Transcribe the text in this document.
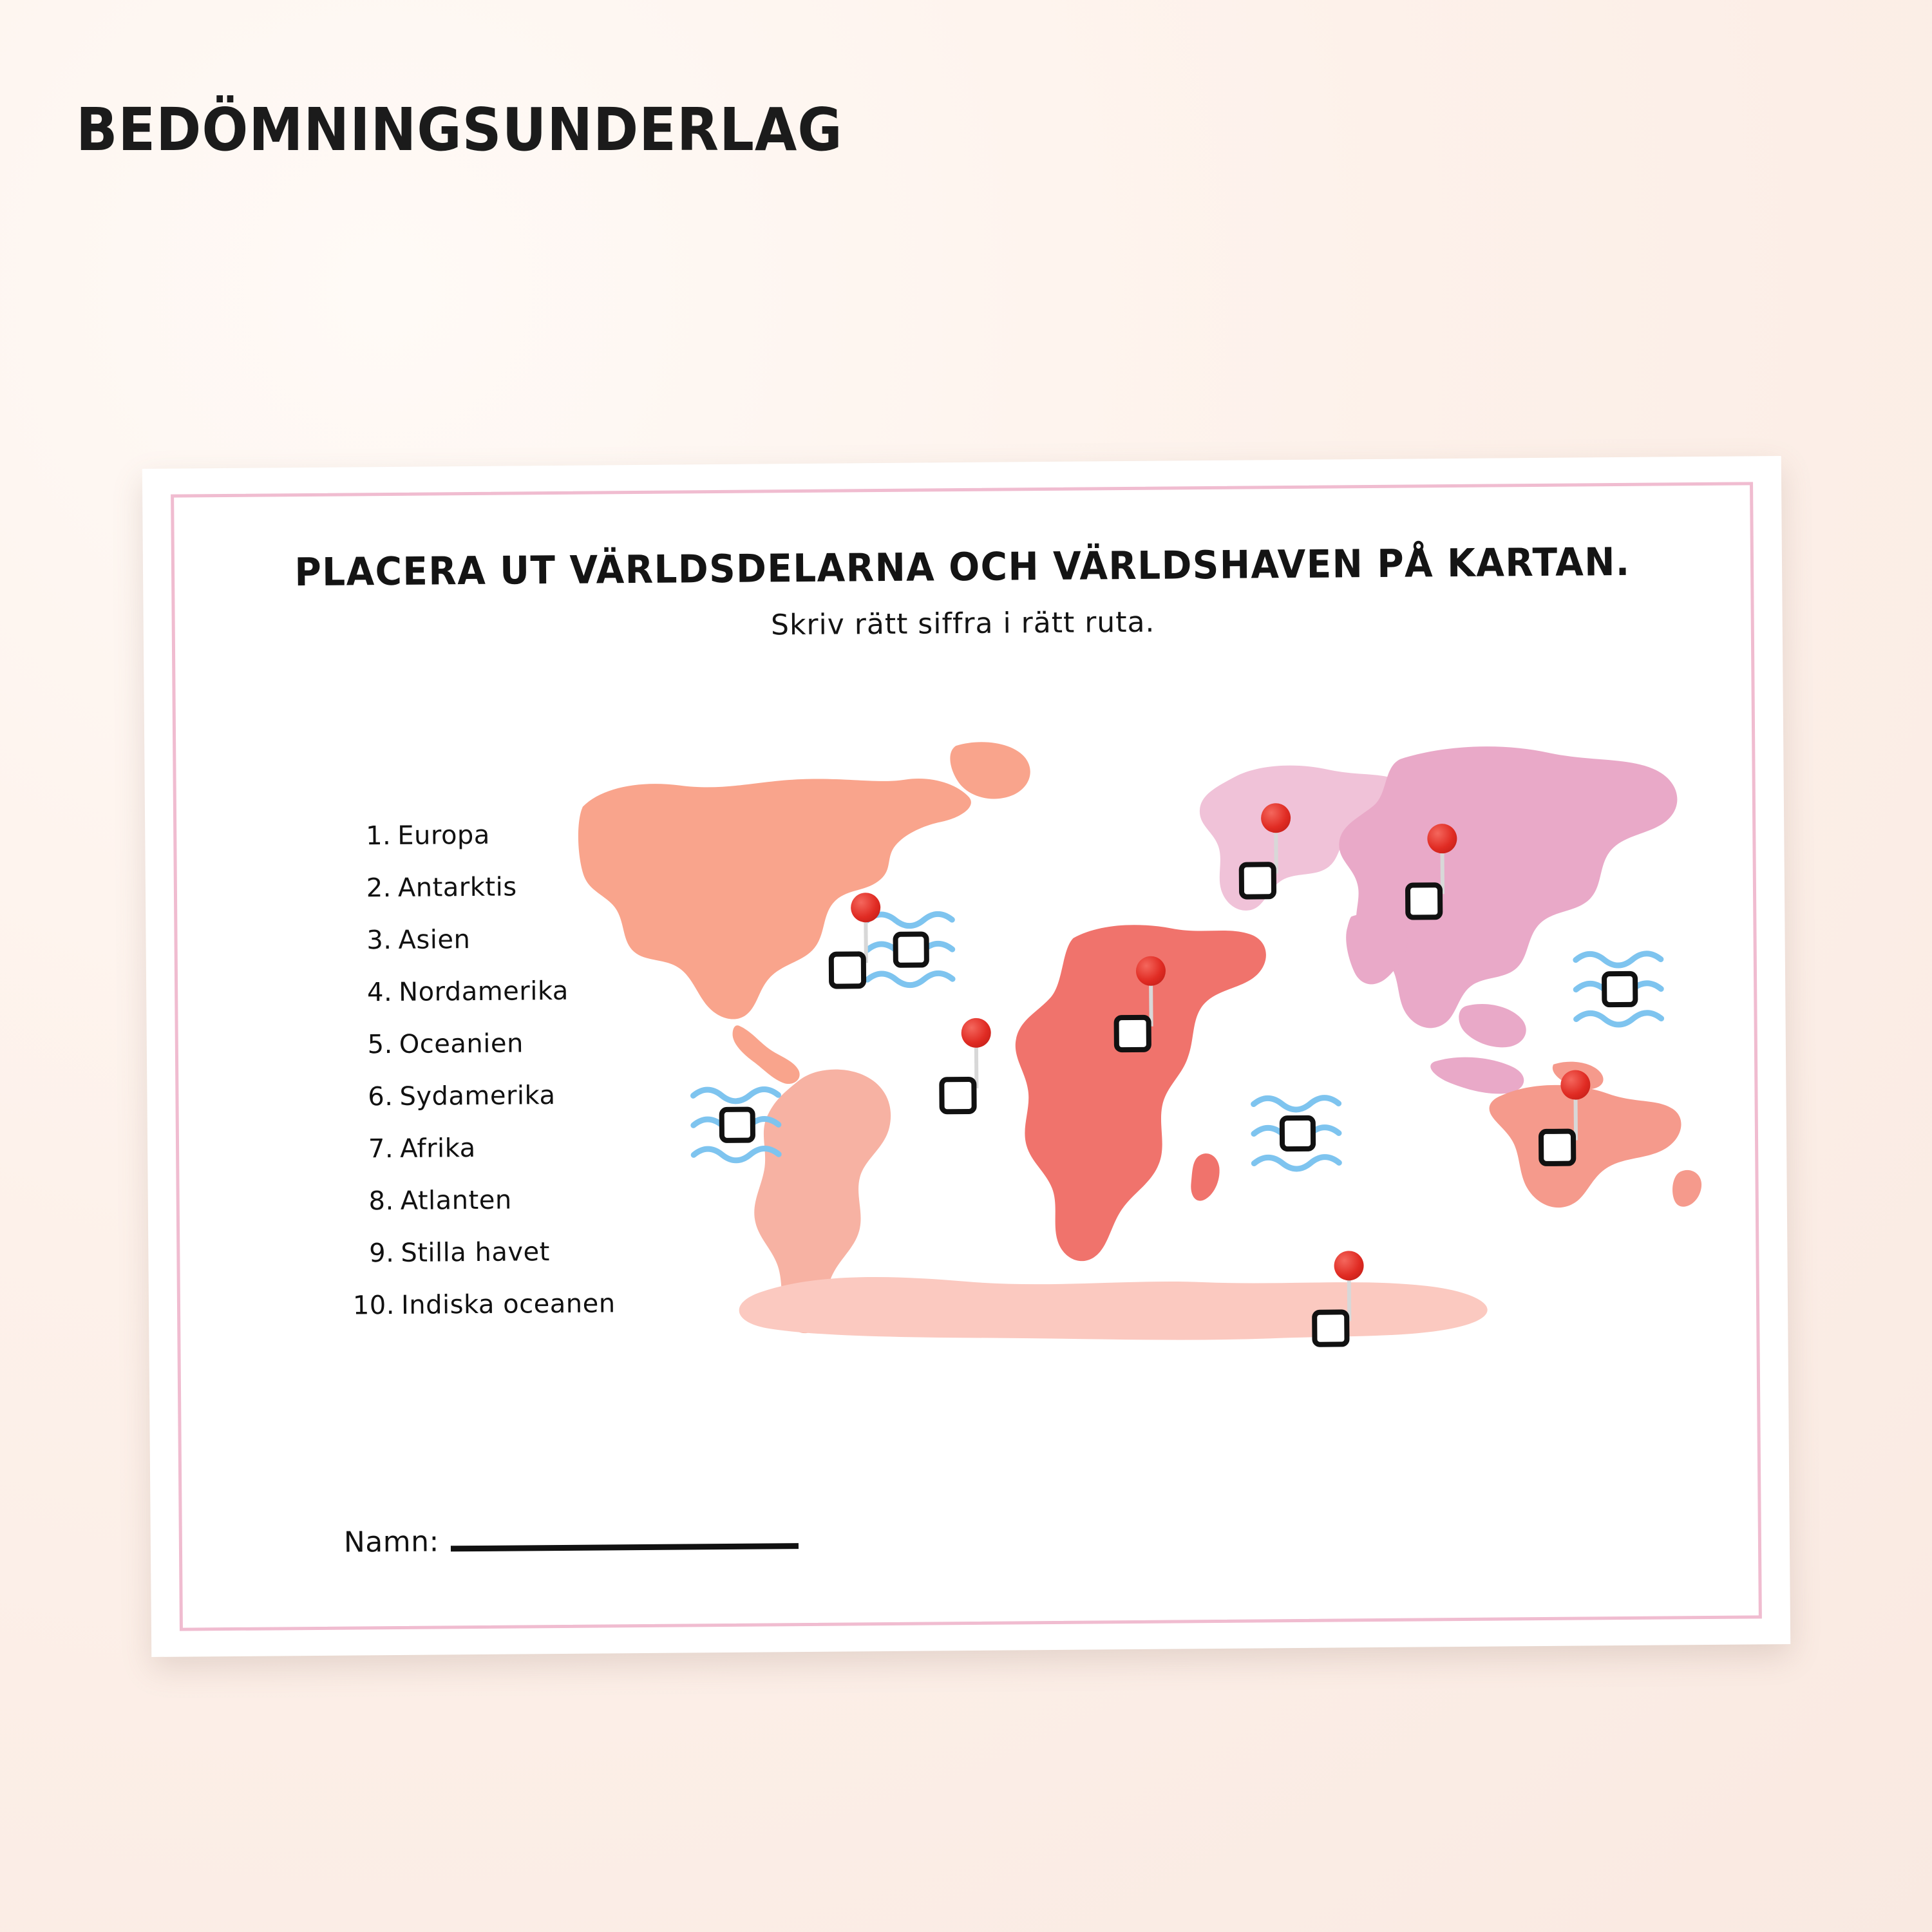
BEDÖMNINGSUNDERLAG
PLACERA UT VÄRLDSDELARNA OCH VÄRLDSHAVEN PÅ KARTAN.
Skriv rätt siffra i rätt ruta.
1. Europa
2. Antarktis
3. Asien
4. Nordamerika
5. Oceanien
6. Sydamerika
7. Afrika
8. Atlanten
9. Stilla havet
10. Indiska oceanen
Namn:
